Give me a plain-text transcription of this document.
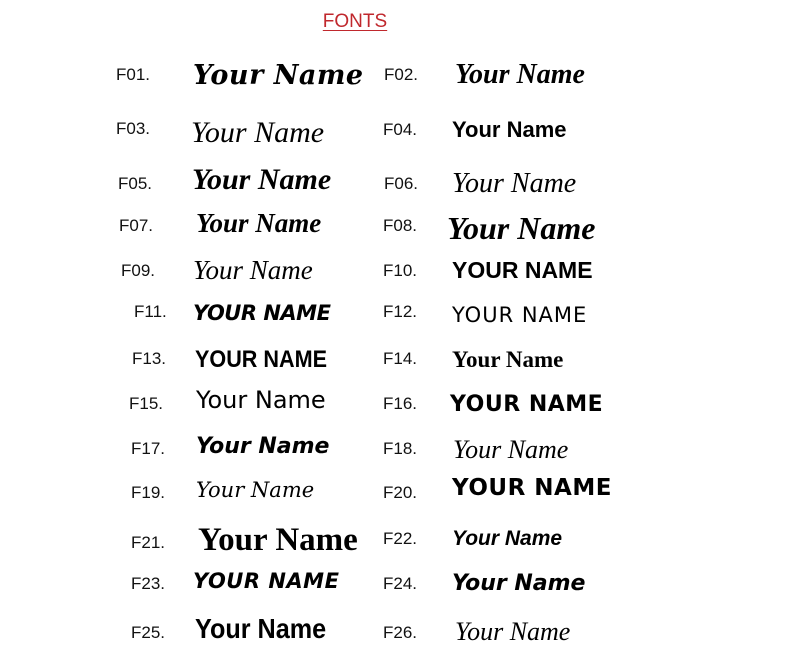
FONTS
F01. Your Name
F03. Your Name
F05. Your Name
F07. Your Name
F09. Your Name
F11. YOUR NAME
F13. YOUR NAME
F15. Your Name
F17. Your Name
F19. Your Name
F21. Your Name
F23. YOUR NAME
F25. Your Name
F02. Your Name
F04. Your Name
F06. Your Name
F08. Your Name
F10. YOUR NAME
F12. YOUR NAME
F14. Your Name
F16. YOUR NAME
F18. Your Name
F20. YOUR NAME
F22. Your Name
F24. Your Name
F26. Your Name
